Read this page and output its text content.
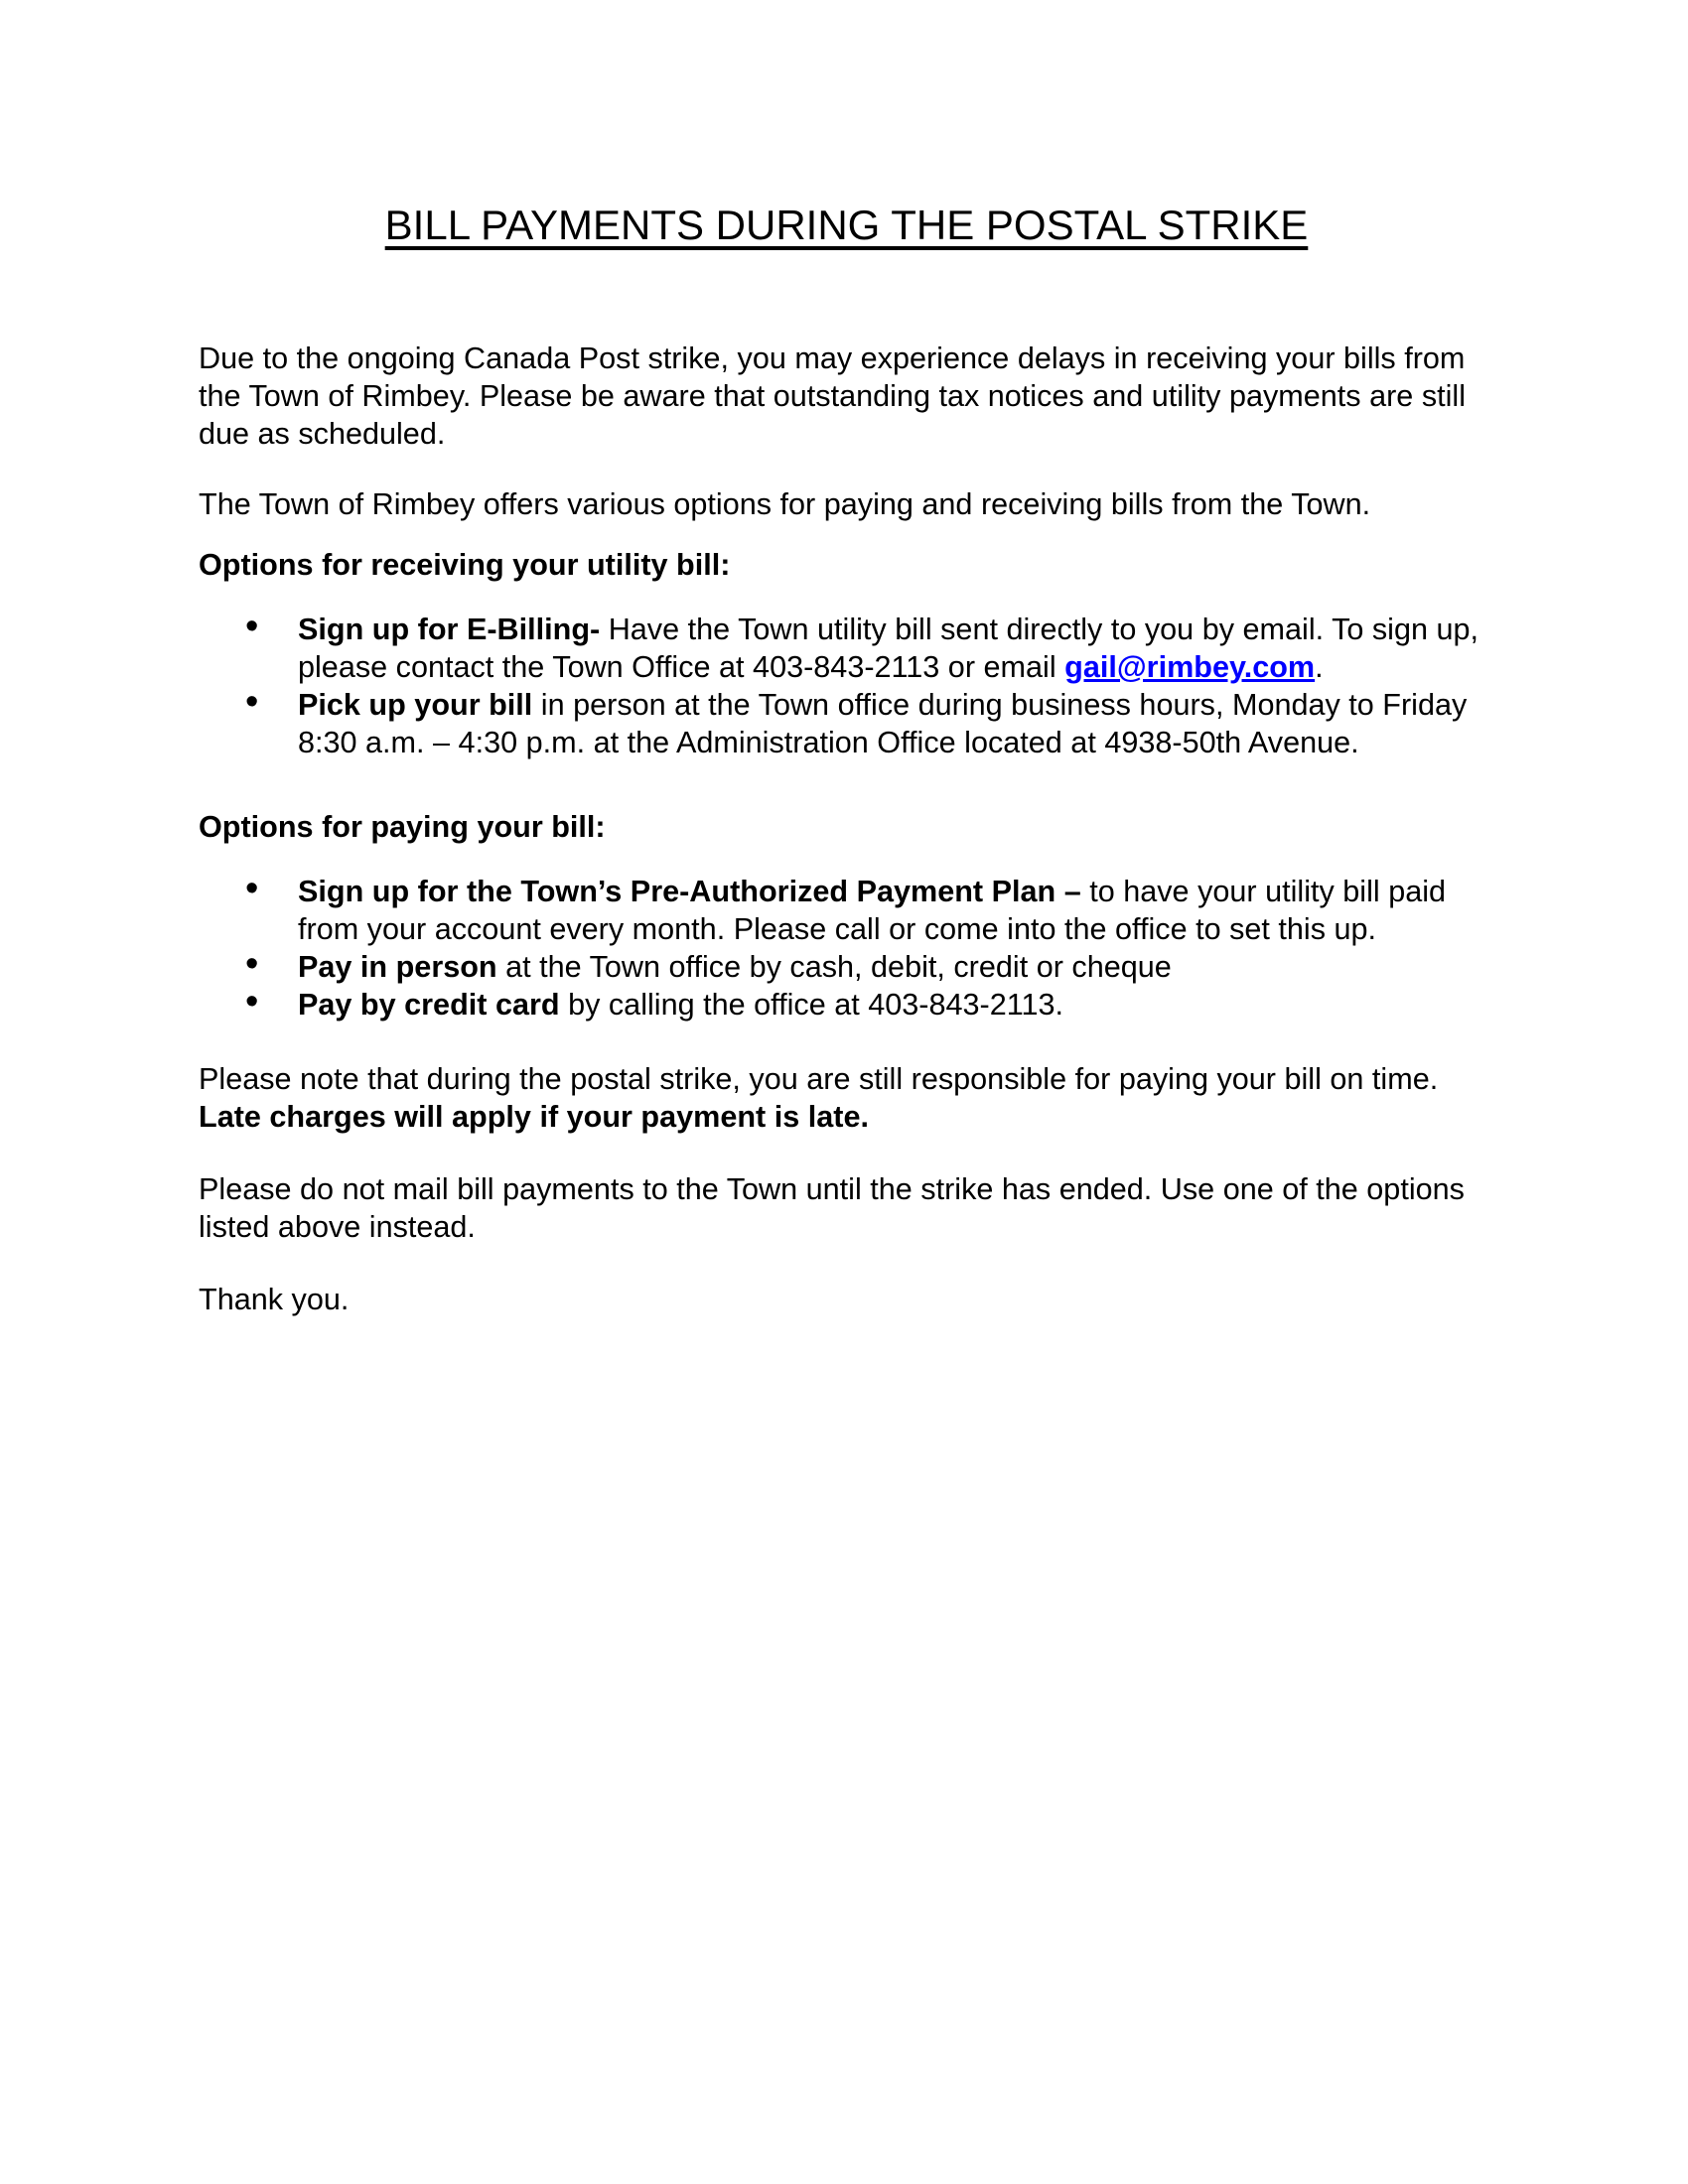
BILL PAYMENTS DURING THE POSTAL STRIKE

Due to the ongoing Canada Post strike, you may experience delays in receiving your bills from the Town of Rimbey. Please be aware that outstanding tax notices and utility payments are still due as scheduled.

The Town of Rimbey offers various options for paying and receiving bills from the Town.

Options for receiving your utility bill:
• Sign up for E-Billing- Have the Town utility bill sent directly to you by email. To sign up, please contact the Town Office at 403-843-2113 or email gail@rimbey.com.
• Pick up your bill in person at the Town office during business hours, Monday to Friday 8:30 a.m. – 4:30 p.m. at the Administration Office located at 4938-50th Avenue.
Options for paying your bill:
• Sign up for the Town’s Pre-Authorized Payment Plan – to have your utility bill paid from your account every month. Please call or come into the office to set this up.
• Pay in person at the Town office by cash, debit, credit or cheque
• Pay by credit card by calling the office at 403-843-2113.

Please note that during the postal strike, you are still responsible for paying your bill on time. Late charges will apply if your payment is late.

Please do not mail bill payments to the Town until the strike has ended. Use one of the options listed above instead.

Thank you.
